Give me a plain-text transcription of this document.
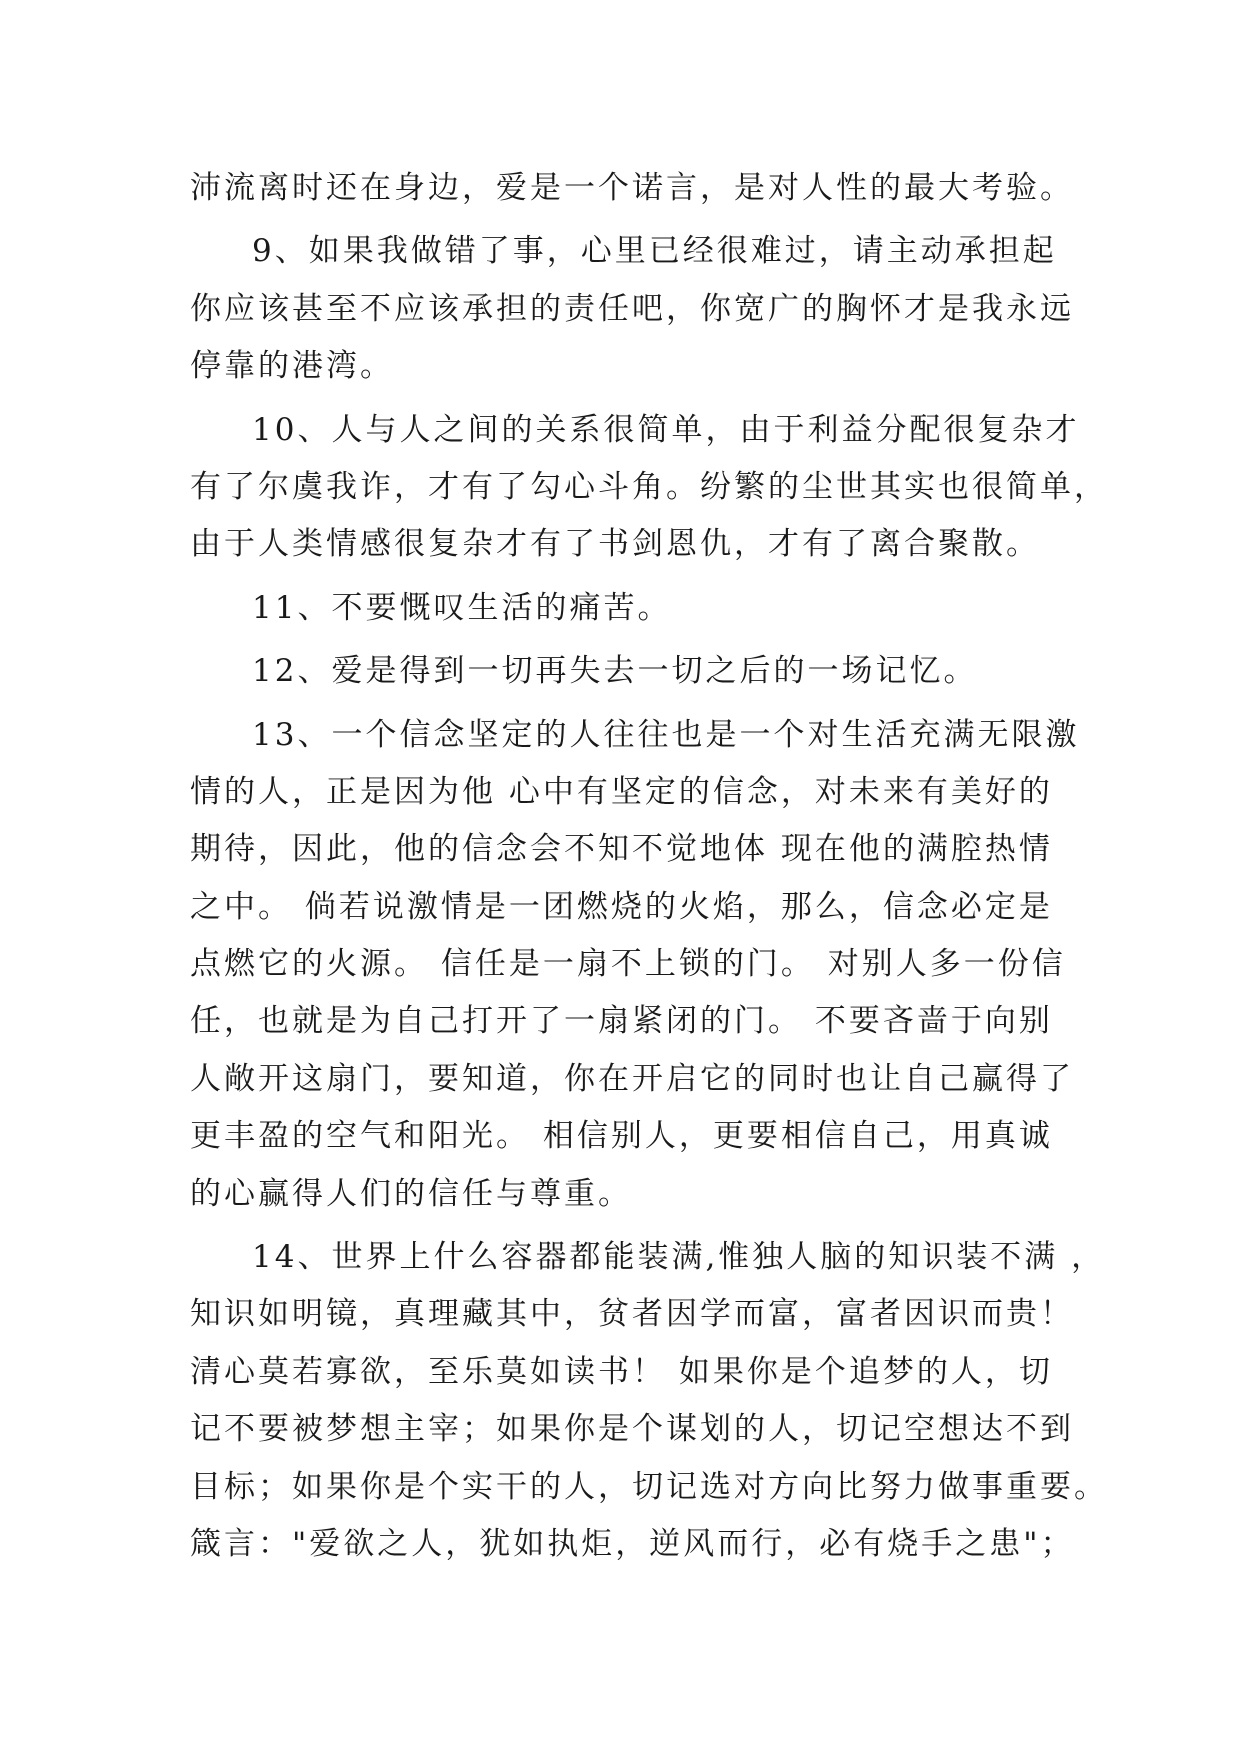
沛流离时还在身边，爱是一个诺言，是对人性的最大考验。
9、如果我做错了事，心里已经很难过，请主动承担起
你应该甚至不应该承担的责任吧，你宽广的胸怀才是我永远
停靠的港湾。
10、人与人之间的关系很简单，由于利益分配很复杂才
有了尔虞我诈，才有了勾心斗角。纷繁的尘世其实也很简单，
由于人类情感很复杂才有了书剑恩仇，才有了离合聚散。
11、不要慨叹生活的痛苦。
12、爱是得到一切再失去一切之后的一场记忆。
13、一个信念坚定的人往往也是一个对生活充满无限激
情的人，正是因为他 心中有坚定的信念，对未来有美好的
期待，因此，他的信念会不知不觉地体 现在他的满腔热情
之中。 倘若说激情是一团燃烧的火焰，那么，信念必定是
点燃它的火源。 信任是一扇不上锁的门。 对别人多一份信
任，也就是为自己打开了一扇紧闭的门。 不要吝啬于向别
人敞开这扇门，要知道，你在开启它的同时也让自己赢得了
更丰盈的空气和阳光。 相信别人，更要相信自己，用真诚
的心赢得人们的信任与尊重。
14、世界上什么容器都能装满,惟独人脑的知识装不满 ，
知识如明镜，真理藏其中，贫者因学而富，富者因识而贵！
清心莫若寡欲，至乐莫如读书！ 如果你是个追梦的人，切
记不要被梦想主宰；如果你是个谋划的人，切记空想达不到
目标；如果你是个实干的人，切记选对方向比努力做事重要。
箴言："爱欲之人，犹如执炬，逆风而行，必有烧手之患"；
